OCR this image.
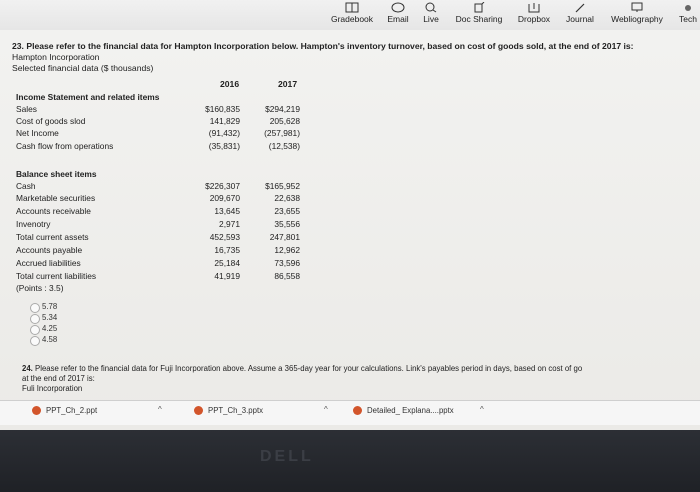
Gradebook	Email	Live	Doc Sharing	Dropbox	Journal	Webliography	Tech
23. Please refer to the financial data for Hampton Incorporation below. Hampton's inventory turnover, based on cost of goods sold, at the end of 2017 is:
Hampton Incorporation
Selected financial data ($ thousands)
2016	2017
Income Statement and related items
Sales	$160,835	$294,219
Cost of goods slod	141,829	205,628
Net Income	(91,432)	(257,981)
Cash flow from operations	(35,831)	(12,538)
Balance sheet items
Cash	$226,307	$165,952
Marketable securities	209,670	22,638
Accounts receivable	13,645	23,655
Invenotry	2,971	35,556
Total current assets	452,593	247,801
Accounts payable	16,735	12,962
Accrued liabilities	25,184	73,596
Total current liabilities	41,919	86,558
(Points : 3.5)
5.78
5.34
4.25
4.58
24. Please refer to the financial data for Fuji Incorporation above. Assume a 365-day year for your calculations. Link's payables period in days, based on cost of go
at the end of 2017 is:
Fuli Incorporation
PPT_Ch_2.ppt	^	PPT_Ch_3.pptx	^	Detailed_ Explana....pptx	^
DELL
